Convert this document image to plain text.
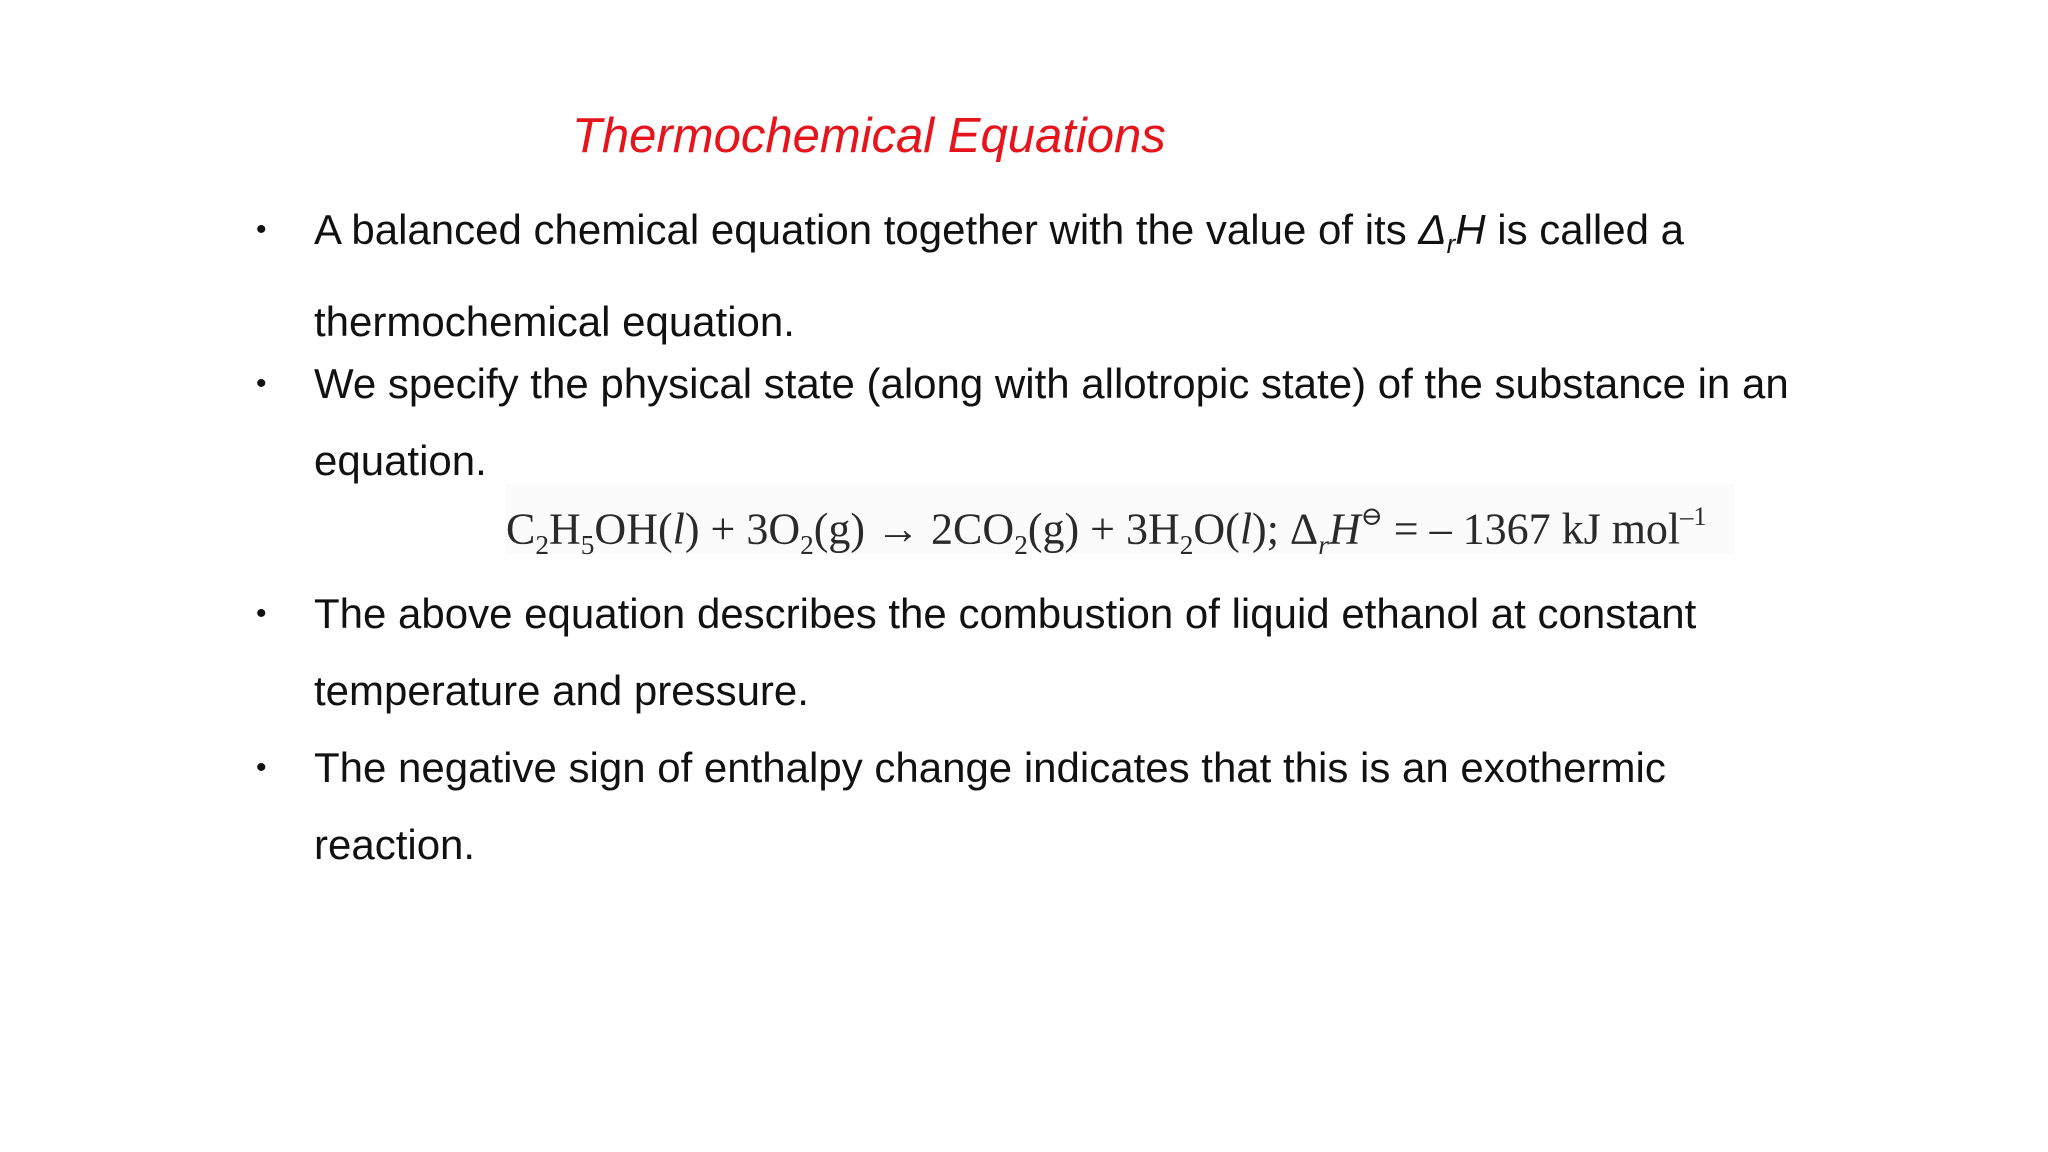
Thermochemical Equations
• A balanced chemical equation together with the value of its $\Delta_rH$ is called a thermochemical equation.
• We specify the physical state (along with allotropic state) of the substance in an equation.
$C_2H_5OH(l) + 3O_2(g) \to 2CO_2(g) + 3H_2O(l)$; $\Delta_rH^⊖$ = – 1367 kJ mol$^{-1}$
• The above equation describes the combustion of liquid ethanol at constant temperature and pressure.
• The negative sign of enthalpy change indicates that this is an exothermic reaction.
